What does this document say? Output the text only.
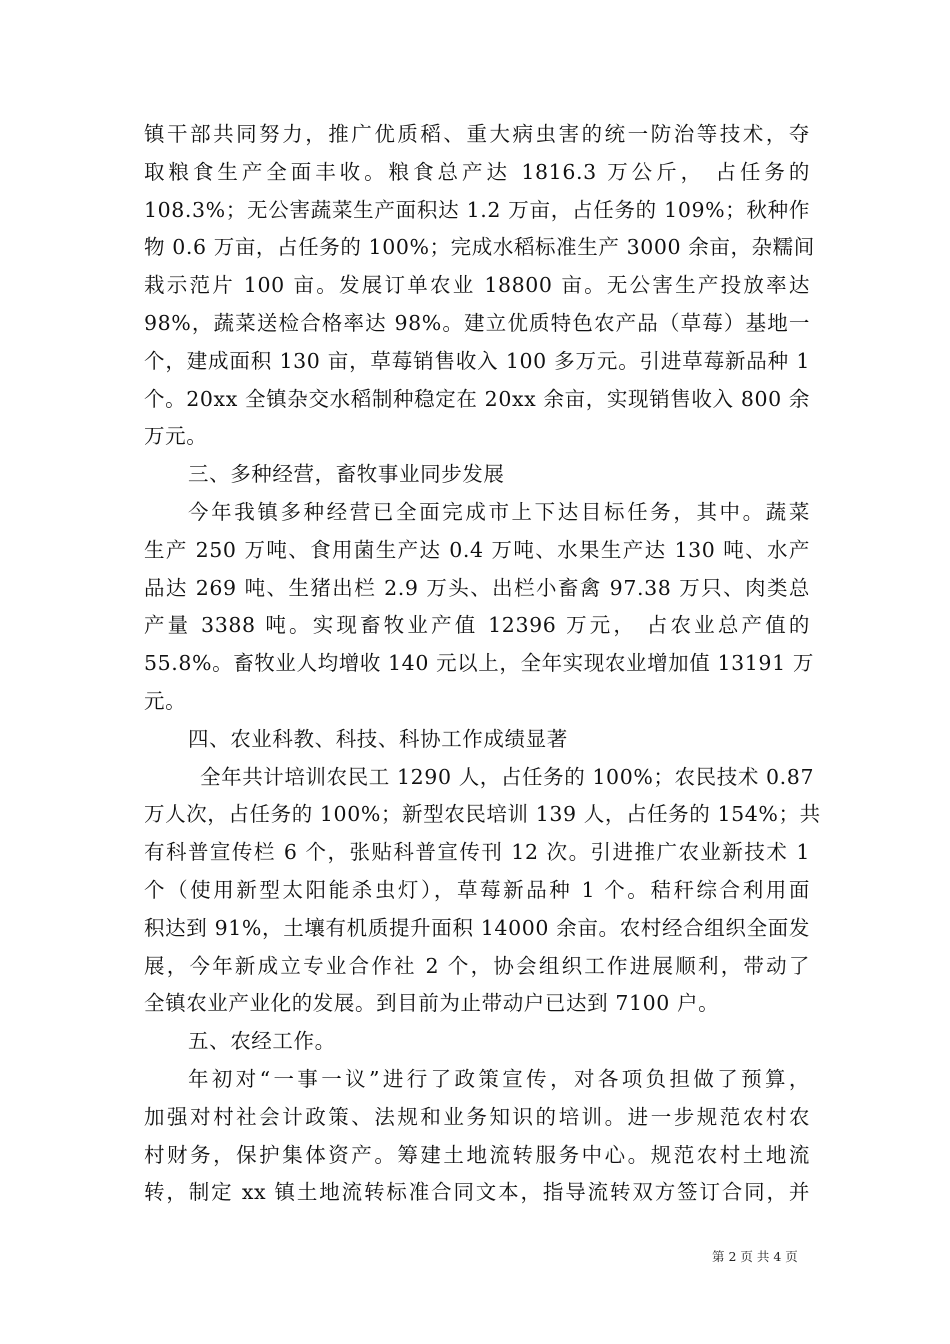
镇干部共同努力，推广优质稻、重大病虫害的统一防治等技术，夺
取粮食生产全面丰收。粮食总产达 1816.3 万公斤， 占任务的
108.3%；无公害蔬菜生产面积达 1.2 万亩，占任务的 109%；秋种作
物 0.6 万亩，占任务的 100%；完成水稻标准生产 3000 余亩，杂糯间
栽示范片 100 亩。发展订单农业 18800 亩。无公害生产投放率达
98%，蔬菜送检合格率达 98%。建立优质特色农产品（草莓）基地一
个，建成面积 130 亩，草莓销售收入 100 多万元。引进草莓新品种 1
个。20xx 全镇杂交水稻制种稳定在 20xx 余亩，实现销售收入 800 余
万元。
三、多种经营，畜牧事业同步发展
今年我镇多种经营已全面完成市上下达目标任务，其中。蔬菜
生产 250 万吨、食用菌生产达 0.4 万吨、水果生产达 130 吨、水产
品达 269 吨、生猪出栏 2.9 万头、出栏小畜禽 97.38 万只、肉类总
产量 3388 吨。实现畜牧业产值 12396 万元， 占农业总产值的
55.8%。畜牧业人均增收 140 元以上，全年实现农业增加值 13191 万
元。
四、农业科教、科技、科协工作成绩显著
全年共计培训农民工 1290 人，占任务的 100%；农民技术 0.87
万人次，占任务的 100%；新型农民培训 139 人，占任务的 154%；共
有科普宣传栏 6 个，张贴科普宣传刊 12 次。引进推广农业新技术 1
个（使用新型太阳能杀虫灯），草莓新品种 1 个。秸秆综合利用面
积达到 91%，土壤有机质提升面积 14000 余亩。农村经合组织全面发
展，今年新成立专业合作社 2 个，协会组织工作进展顺利，带动了
全镇农业产业化的发展。到目前为止带动户已达到 7100 户。
五、农经工作。
年初对“一事一议”进行了政策宣传，对各项负担做了预算，
加强对村社会计政策、法规和业务知识的培训。进一步规范农村农
村财务，保护集体资产。筹建土地流转服务中心。规范农村土地流
转，制定 xx 镇土地流转标准合同文本，指导流转双方签订合同，并
第 2 页 共 4 页
